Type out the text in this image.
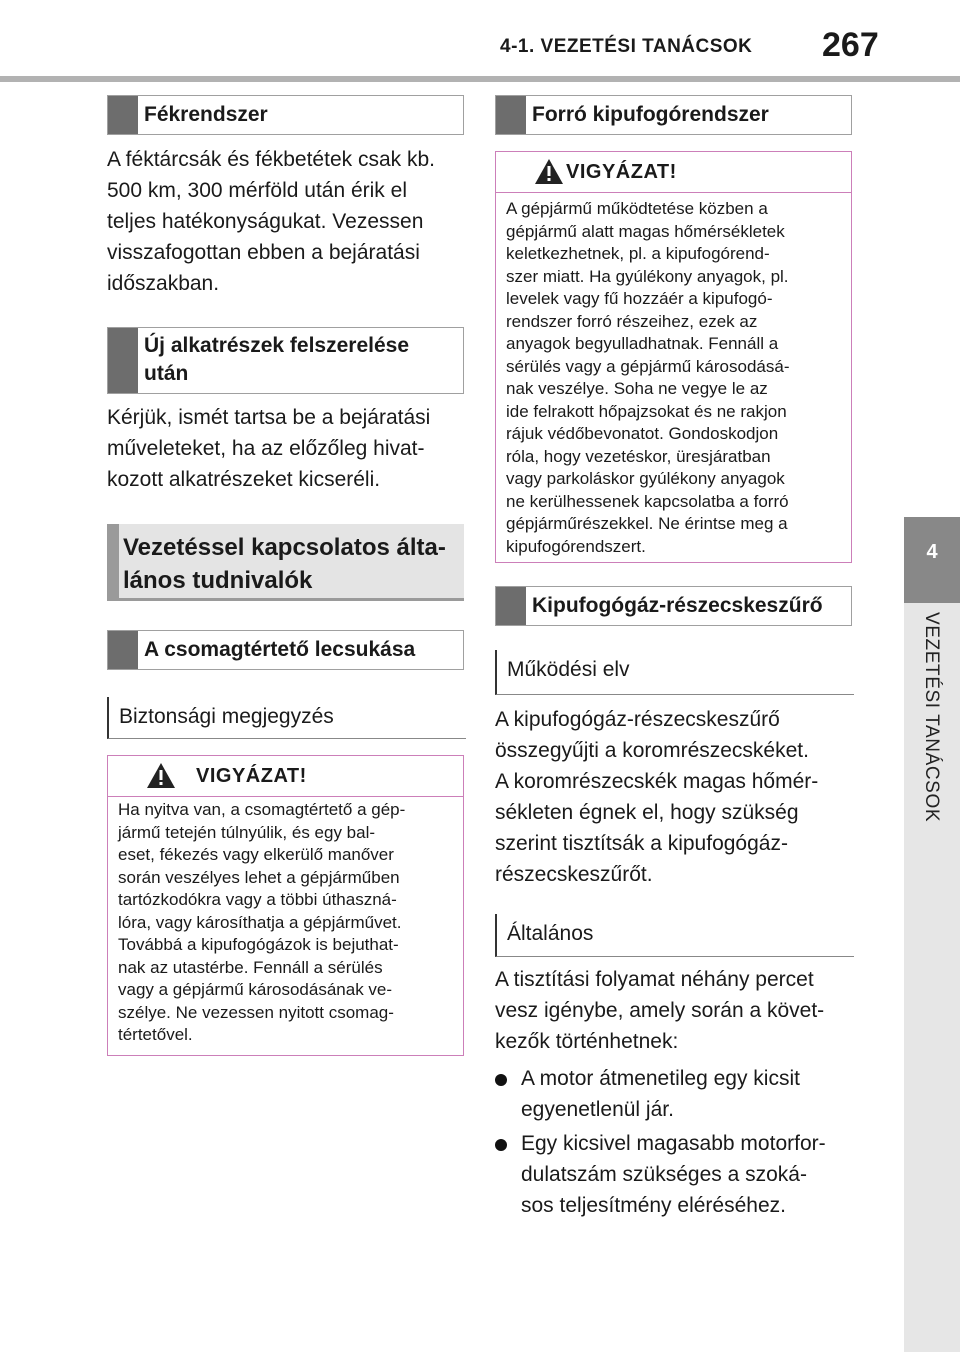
4-1. VEZETÉSI TANÁCSOK 267
4
VEZETÉSI TANÁCSOK
Fékrendszer
A féktárcsák és fékbetétek csak kb.
500 km, 300 mérföld után érik el
teljes hatékonyságukat. Vezessen
visszafogottan ebben a bejáratási
időszakban.
Új alkatrészek felszerelése
után
Kérjük, ismét tartsa be a bejáratási
műveleteket, ha az előzőleg hivat-
kozott alkatrészeket kicseréli.
Vezetéssel kapcsolatos álta-
lános tudnivalók
A csomagtértető lecsukása
Biztonsági megjegyzés
VIGYÁZAT!
Ha nyitva van, a csomagtértető a gép-
jármű tetején túlnyúlik, és egy bal-
eset, fékezés vagy elkerülő manőver
során veszélyes lehet a gépjárműben
tartózkodókra vagy a többi úthaszná-
lóra, vagy károsíthatja a gépjárművet.
Továbbá a kipufogógázok is bejuthat-
nak az utastérbe. Fennáll a sérülés
vagy a gépjármű károsodásának ve-
szélye. Ne vezessen nyitott csomag-
tértetővel.
Forró kipufogórendszer
VIGYÁZAT!
A gépjármű működtetése közben a
gépjármű alatt magas hőmérsékletek
keletkezhetnek, pl. a kipufogórend-
szer miatt. Ha gyúlékony anyagok, pl.
levelek vagy fű hozzáér a kipufogó-
rendszer forró részeihez, ezek az
anyagok begyulladhatnak. Fennáll a
sérülés vagy a gépjármű károsodásá-
nak veszélye. Soha ne vegye le az
ide felrakott hőpajzsokat és ne rakjon
rájuk védőbevonatot. Gondoskodjon
róla, hogy vezetéskor, üresjáratban
vagy parkoláskor gyúlékony anyagok
ne kerülhessenek kapcsolatba a forró
gépjárműrészekkel. Ne érintse meg a
kipufogórendszert.
Kipufogógáz-részecskeszűrő
Működési elv
A kipufogógáz-részecskeszűrő
összegyűjti a koromrészecskéket.
A koromrészecskék magas hőmér-
sékleten égnek el, hogy szükség
szerint tisztítsák a kipufogógáz-
részecskeszűrőt.
Általános
A tisztítási folyamat néhány percet
vesz igénybe, amely során a követ-
kezők történhetnek:
A motor átmenetileg egy kicsit
egyenetlenül jár.
Egy kicsivel magasabb motorfor-
dulatszám szükséges a szoká-
sos teljesítmény eléréséhez.
